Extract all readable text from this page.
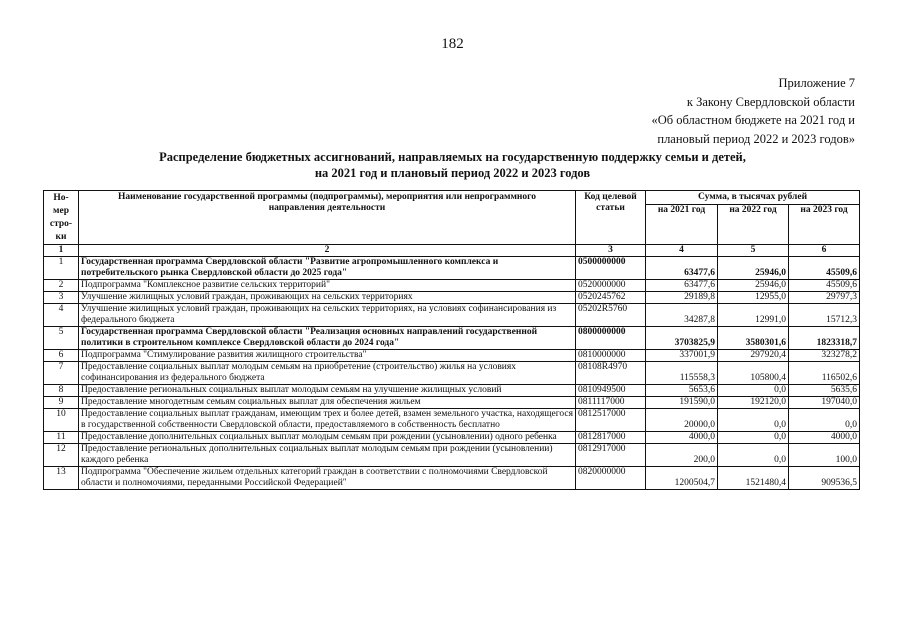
182
Приложение 7
к Закону Свердловской области
«Об областном бюджете на 2021 год и
плановый период 2022 и 2023 годов»
Распределение бюджетных ассигнований, направляемых на государственную поддержку семьи и детей,
на 2021 год и плановый период 2022 и 2023 годов
Но-
мер
стро-
ки	Наименование государственной программы (подпрограммы), мероприятия или непрограммного направления деятельности	Код целевой статьи	Сумма, в тысячах рублей		
			на 2021 год	на 2022 год	на 2023 год
1	2	3	4	5	6
1	Государственная программа Свердловской области "Развитие агропромышленного комплекса и потребительского рынка Свердловской области до 2025 года"	0500000000	63477,6	25946,0	45509,6
2	Подпрограмма "Комплексное развитие сельских территорий"	0520000000	63477,6	25946,0	45509,6
3	Улучшение жилищных условий граждан, проживающих на сельских территориях	0520245762	29189,8	12955,0	29797,3
4	Улучшение жилищных условий граждан, проживающих на сельских территориях, на условиях софинансирования из федерального бюджета	05202R5760	34287,8	12991,0	15712,3
5	Государственная программа Свердловской области "Реализация основных направлений государственной политики в строительном комплексе Свердловской области до 2024 года"	0800000000	3703825,9	3580301,6	1823318,7
6	Подпрограмма "Стимулирование развития жилищного строительства"	0810000000	337001,9	297920,4	323278,2
7	Предоставление социальных выплат молодым семьям на приобретение (строительство) жилья на условиях софинансирования из федерального бюджета	08108R4970	115558,3	105800,4	116502,6
8	Предоставление региональных социальных выплат молодым семьям на улучшение жилищных условий	0810949500	5653,6	0,0	5635,6
9	Предоставление многодетным семьям социальных выплат для обеспечения жильем	0811117000	191590,0	192120,0	197040,0
10	Предоставление социальных выплат гражданам, имеющим трех и более детей, взамен земельного участка, находящегося в государственной собственности Свердловской области, предоставляемого в собственность бесплатно	0812517000	20000,0	0,0	0,0
11	Предоставление дополнительных социальных выплат молодым семьям при рождении (усыновлении) одного ребенка	0812817000	4000,0	0,0	4000,0
12	Предоставление региональных дополнительных социальных выплат молодым семьям при рождении (усыновлении) каждого ребенка	0812917000	200,0	0,0	100,0
13	Подпрограмма "Обеспечение жильем отдельных категорий граждан в соответствии с полномочиями Свердловской области и полномочиями, переданными Российской Федерацией"	0820000000	1200504,7	1521480,4	909536,5
